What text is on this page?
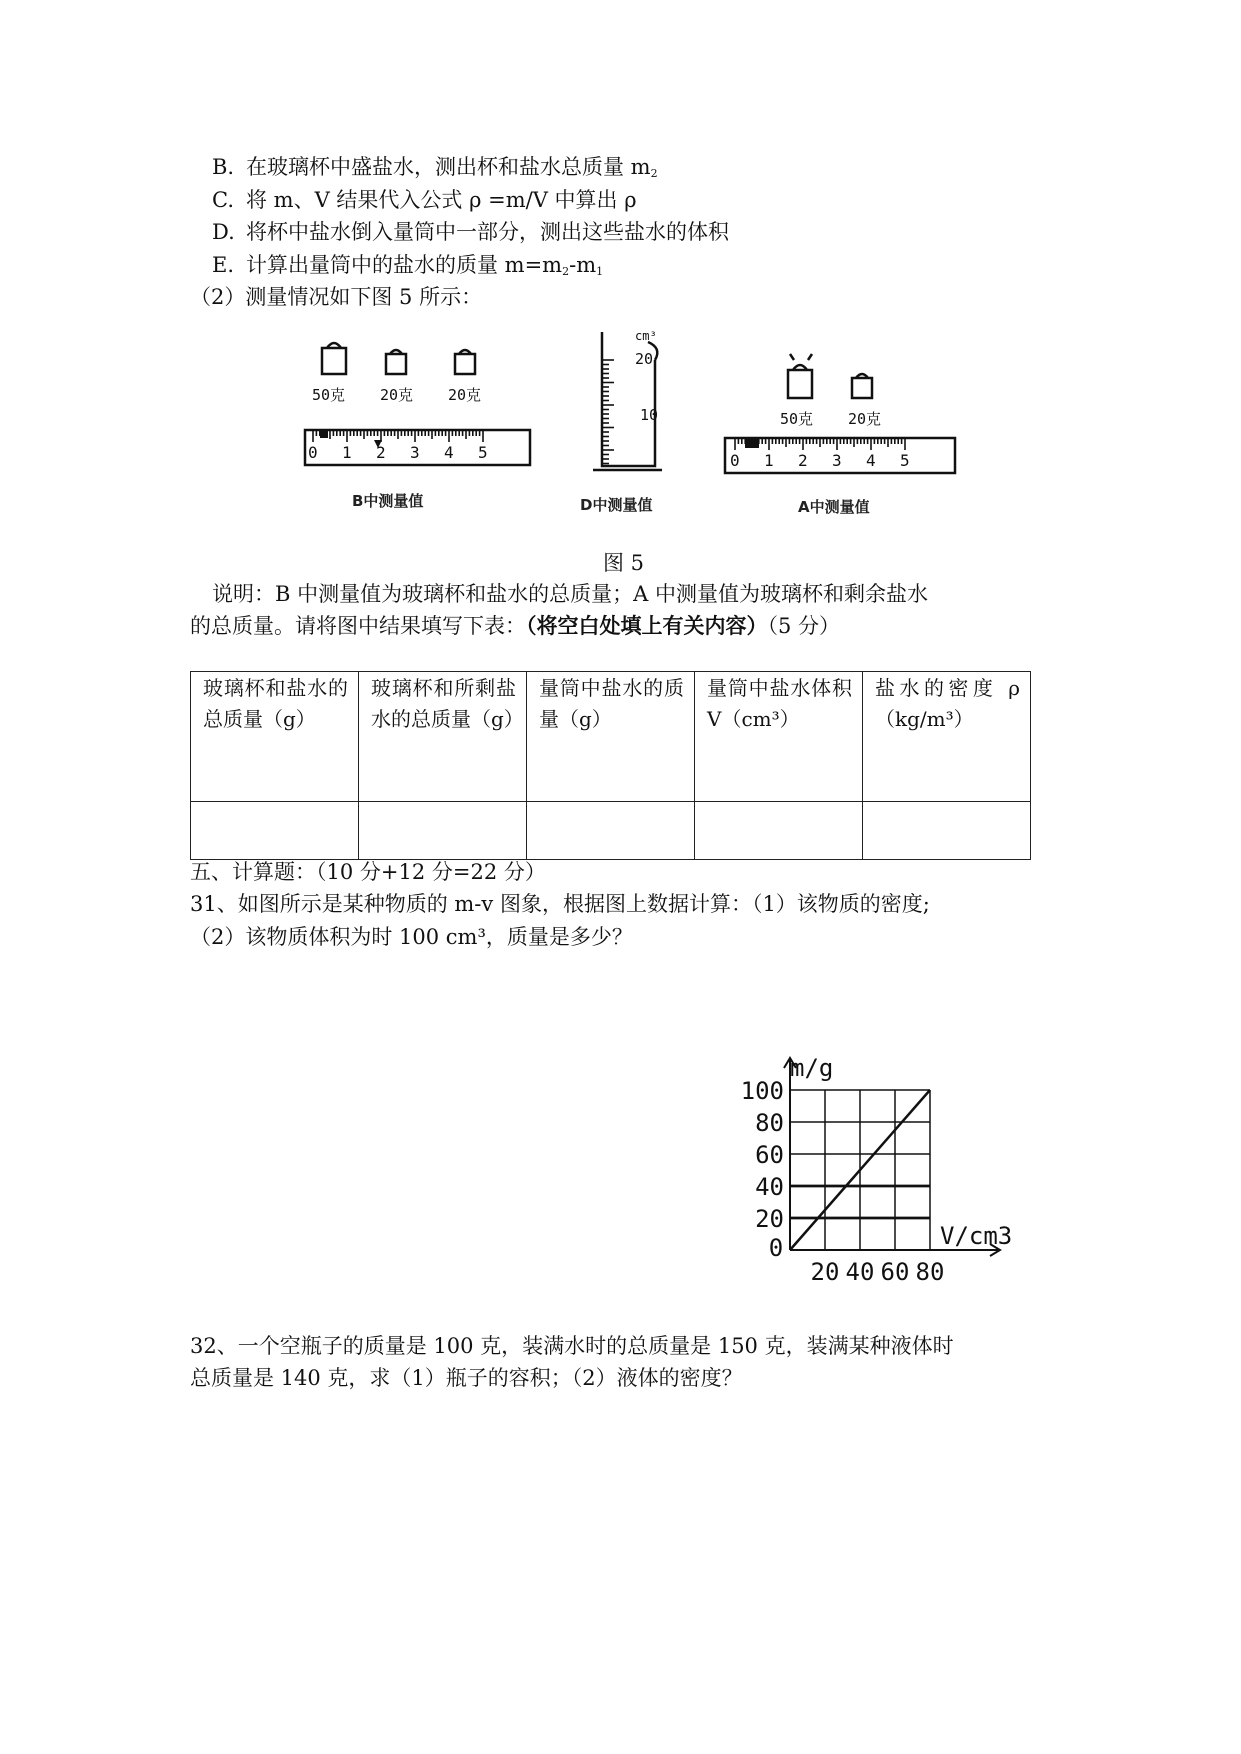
B. 在玻璃杯中盛盐水，测出杯和盐水总质量 $m_2$
C. 将 m、V 结果代入公式 ρ =m/V 中算出 ρ
D. 将杯中盐水倒入量筒中一部分，测出这些盐水的体积
E. 计算出量筒中的盐水的质量 $m=m_2-m_1$
（2）测量情况如下图 5 所示：
50克 20克 20克
50克 20克
cm³
20
10
0 1 2 3 4 5	0 1 2 3 4 5
B中测量值	D中测量值	A中测量值
图 5
说明：B 中测量值为玻璃杯和盐水的总质量；A 中测量值为玻璃杯和剩余盐水
的总质量。请将图中结果填写下表：（将空白处填上有关内容）（5 分）
玻璃杯和盐水的总质量（g）	玻璃杯和所剩盐水的总质量（g）	量筒中盐水的质量（g）	量筒中盐水体积 V（cm³）	盐水的密度 ρ（kg/m³）

五、计算题：（10 分+12 分=22 分）
31、如图所示是某种物质的 m-v 图象，根据图上数据计算：（1）该物质的密度;
（2）该物质体积为时 100 cm³，质量是多少？
100
80
60
40
20
0
20 40 60 80
m/g
V/cm3
32、一个空瓶子的质量是 100 克，装满水时的总质量是 150 克，装满某种液体时
总质量是 140 克，求（1）瓶子的容积；（2）液体的密度？
